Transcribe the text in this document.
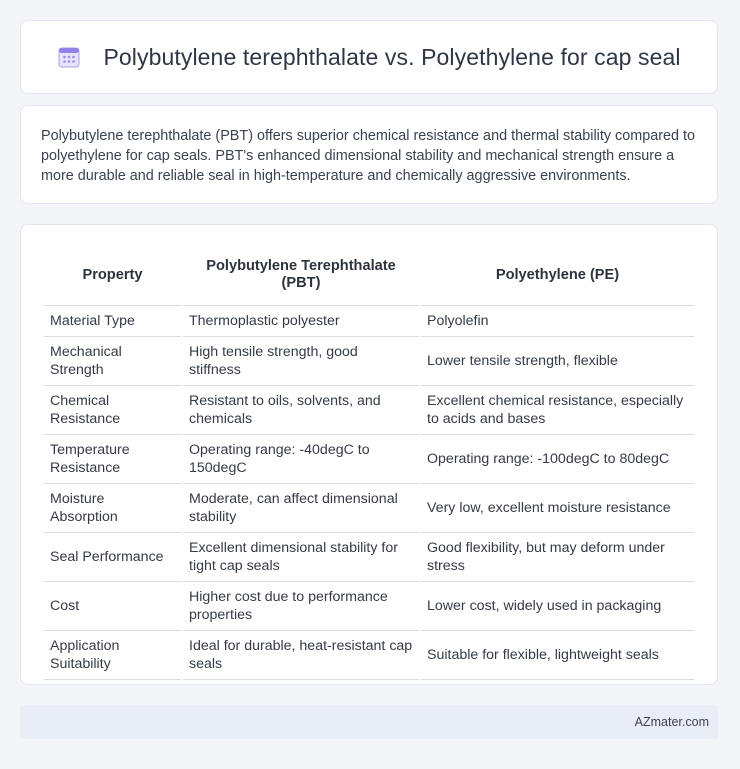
Polybutylene terephthalate vs. Polyethylene for cap seal

Polybutylene terephthalate (PBT) offers superior chemical resistance and thermal stability compared to polyethylene for cap seals. PBT's enhanced dimensional stability and mechanical strength ensure a more durable and reliable seal in high-temperature and chemically aggressive environments.

Property	Polybutylene Terephthalate (PBT)	Polyethylene (PE)
Material Type	Thermoplastic polyester	Polyolefin
Mechanical Strength	High tensile strength, good stiffness	Lower tensile strength, flexible
Chemical Resistance	Resistant to oils, solvents, and chemicals	Excellent chemical resistance, especially to acids and bases
Temperature Resistance	Operating range: -40degC to 150degC	Operating range: -100degC to 80degC
Moisture Absorption	Moderate, can affect dimensional stability	Very low, excellent moisture resistance
Seal Performance	Excellent dimensional stability for tight cap seals	Good flexibility, but may deform under stress
Cost	Higher cost due to performance properties	Lower cost, widely used in packaging
Application Suitability	Ideal for durable, heat-resistant cap seals	Suitable for flexible, lightweight seals
AZmater.com
